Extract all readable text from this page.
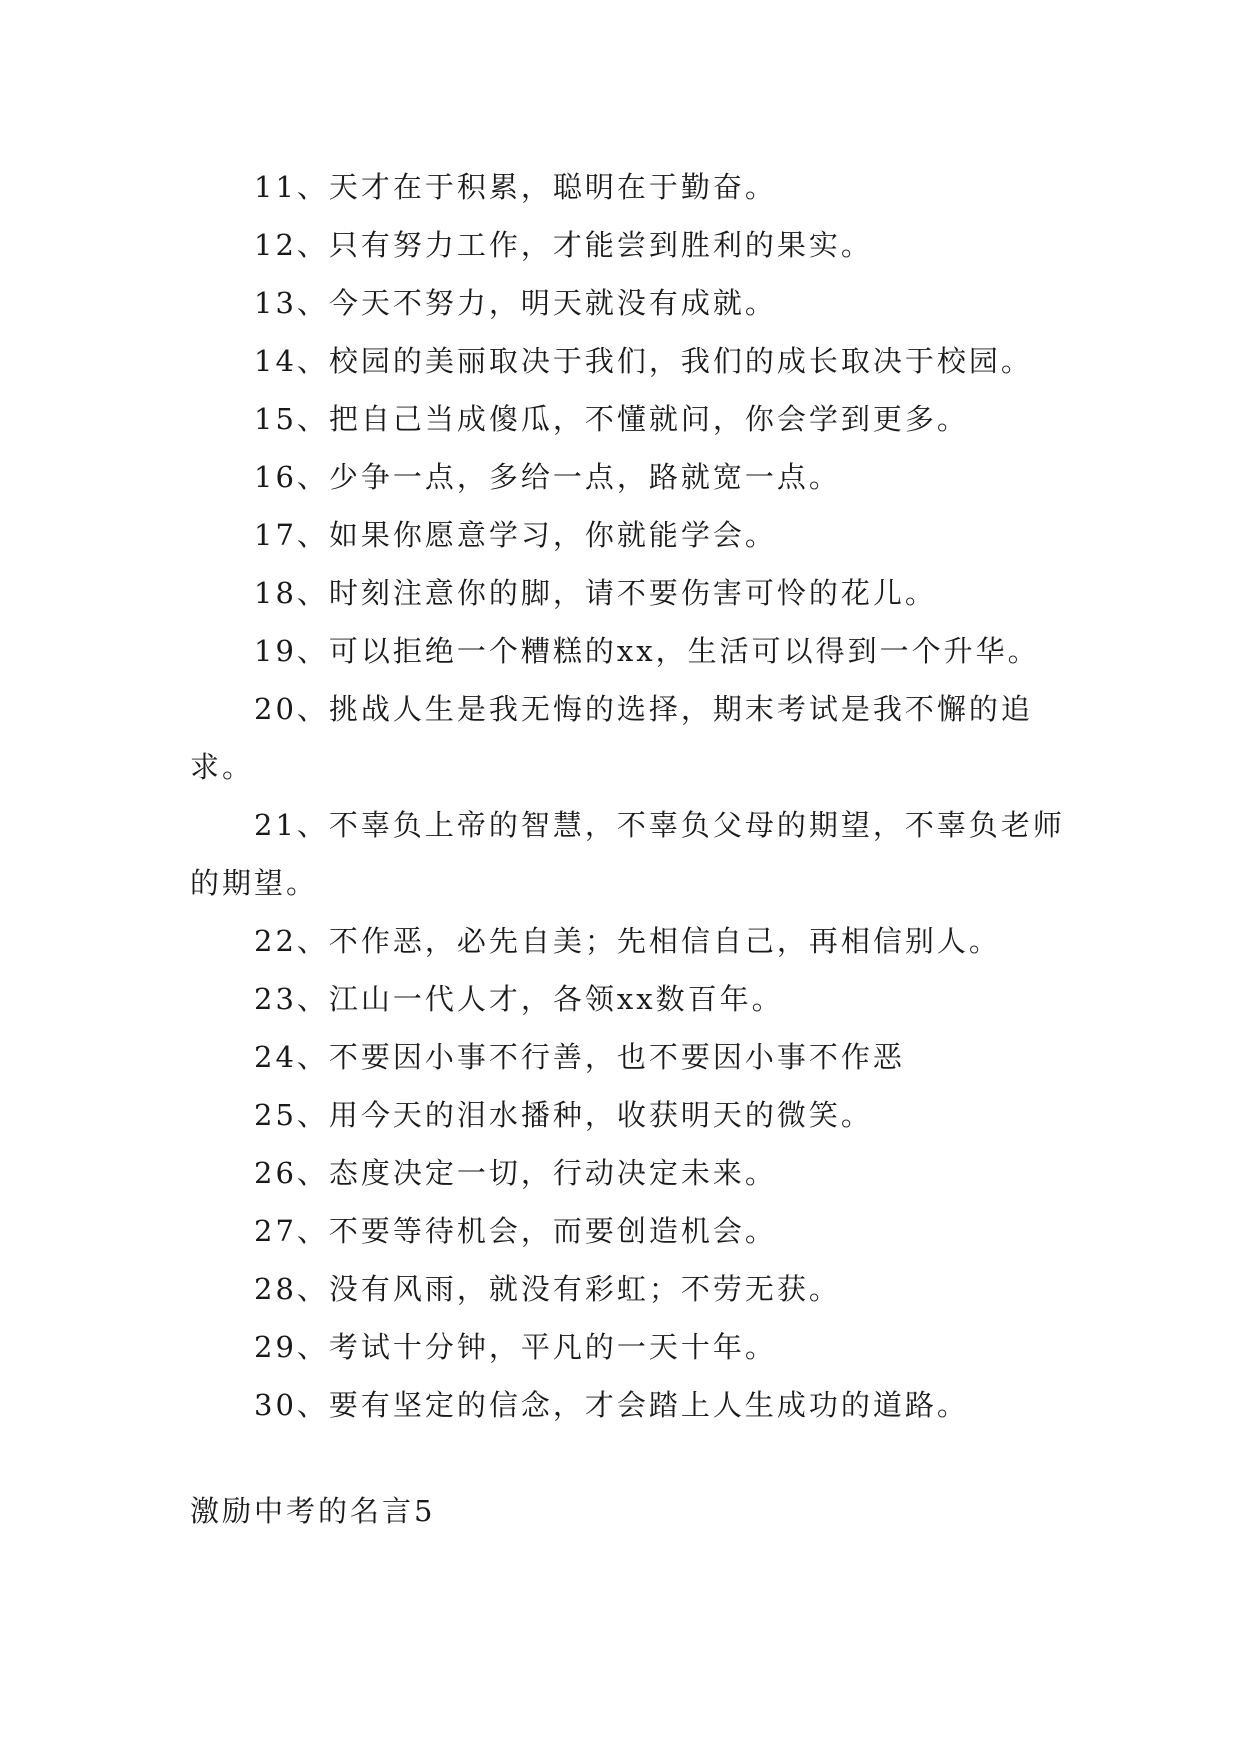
11、天才在于积累，聪明在于勤奋。

12、只有努力工作，才能尝到胜利的果实。

13、今天不努力，明天就没有成就。

14、校园的美丽取决于我们，我们的成长取决于校园。

15、把自己当成傻瓜，不懂就问，你会学到更多。

16、少争一点，多给一点，路就宽一点。

17、如果你愿意学习，你就能学会。

18、时刻注意你的脚，请不要伤害可怜的花儿。

19、可以拒绝一个糟糕的xx，生活可以得到一个升华。

20、挑战人生是我无悔的选择，期末考试是我不懈的追求。

21、不辜负上帝的智慧，不辜负父母的期望，不辜负老师的期望。

22、不作恶，必先自美；先相信自己，再相信别人。

23、江山一代人才，各领xx数百年。

24、不要因小事不行善，也不要因小事不作恶

25、用今天的泪水播种，收获明天的微笑。

26、态度决定一切，行动决定未来。

27、不要等待机会，而要创造机会。

28、没有风雨，就没有彩虹；不劳无获。

29、考试十分钟，平凡的一天十年。

30、要有坚定的信念，才会踏上人生成功的道路。

激励中考的名言5
